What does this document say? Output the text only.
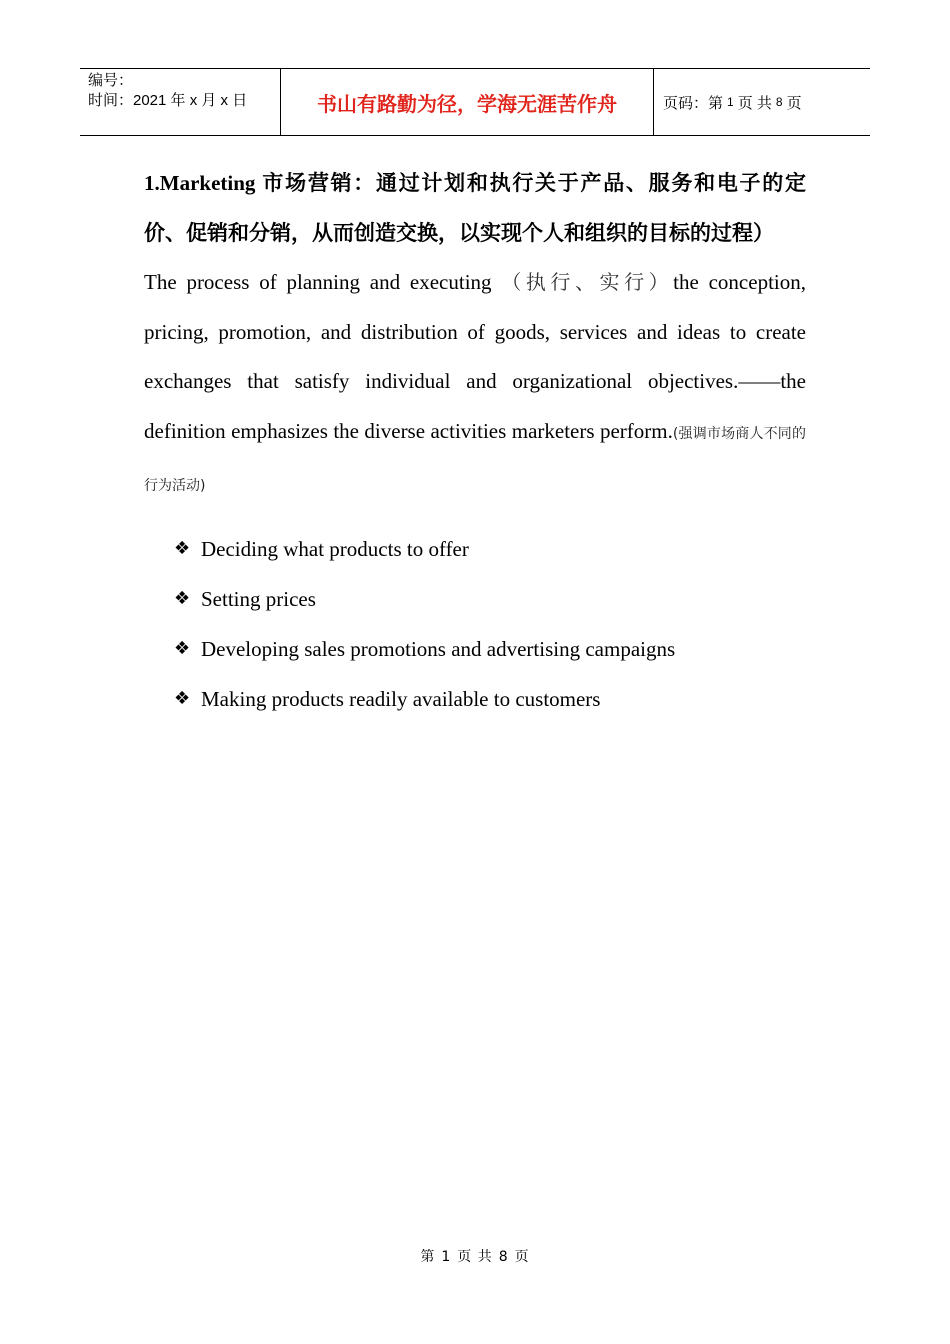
编号：
时间：2021 年 x 月 x 日	书山有路勤为径，学海无涯苦作舟	页码：第 1 页 共 8 页
1.Marketing 市场营销：通过计划和执行关于产品、服务和电子的定价、促销和分销，从而创造交换，以实现个人和组织的目标的过程）
The process of planning and executing （执行、实行）the conception, pricing, promotion, and distribution of goods, services and ideas to create exchanges that satisfy individual and organizational objectives.——the definition emphasizes the diverse activities marketers perform.(强调市场商人不同的行为活动)
❖ Deciding what products to offer
❖ Setting prices
❖ Developing sales promotions and advertising campaigns
❖ Making products readily available to customers
第 1 页 共 8 页
